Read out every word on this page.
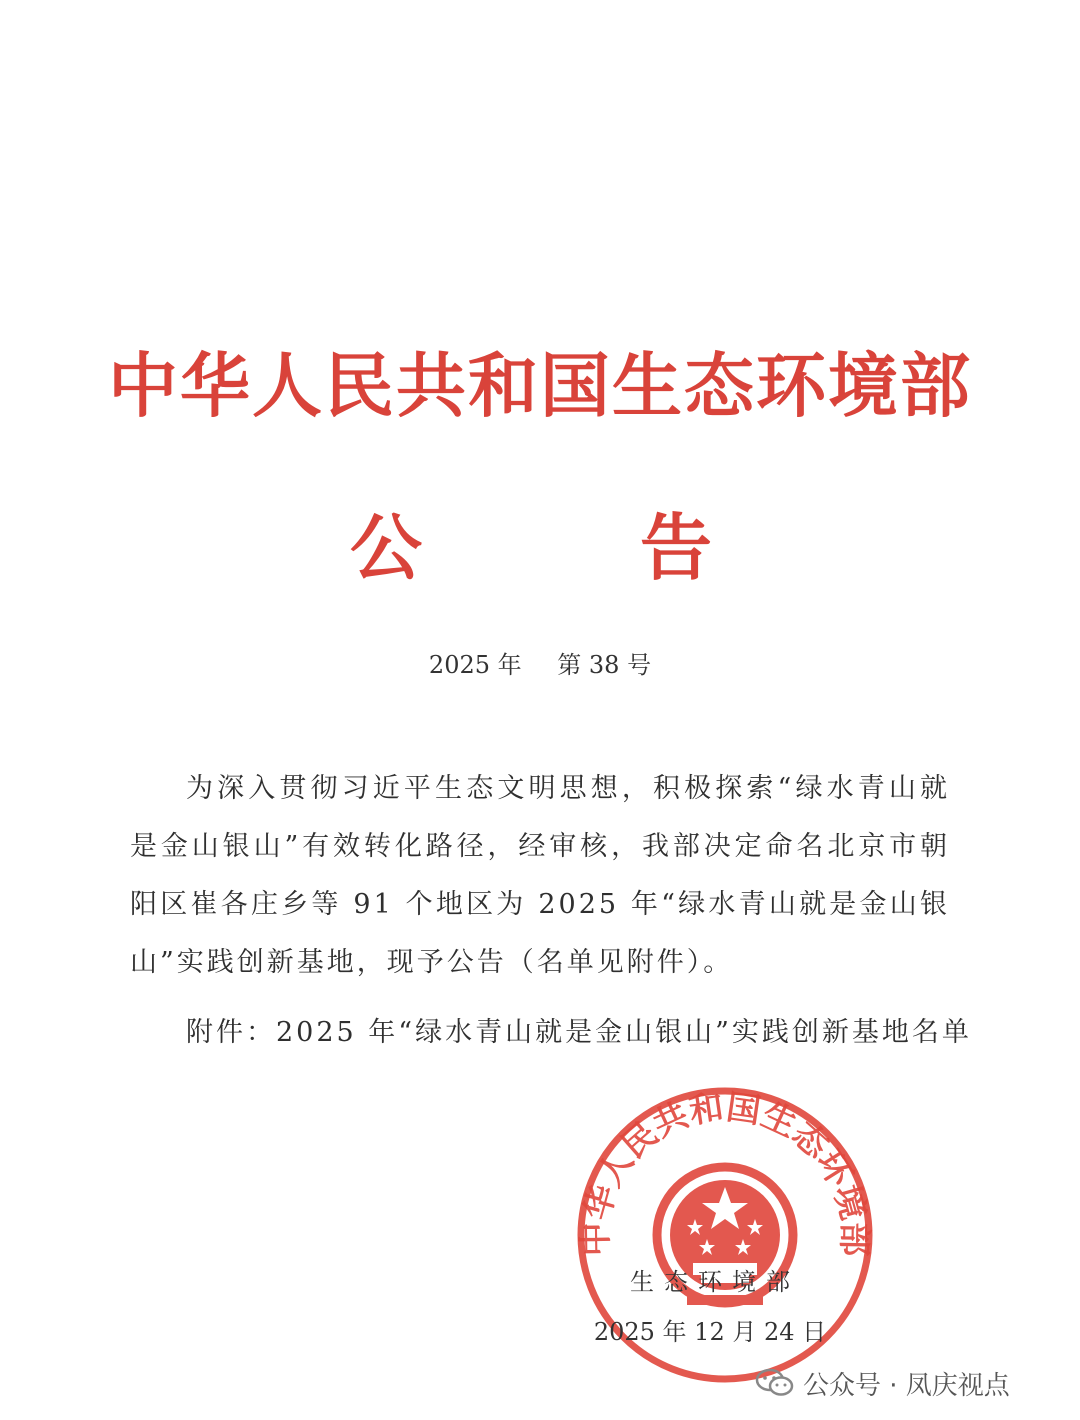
中华人民共和国生态环境部
公	告
2025 年 第 38 号

为深入贯彻习近平生态文明思想，积极探索“绿水青山就是金山银山”有效转化路径，经审核，我部决定命名北京市朝阳区崔各庄乡等 91 个地区为 2025 年“绿水青山就是金山银山”实践创新基地，现予公告（名单见附件）。

附件：2025 年“绿水青山就是金山银山”实践创新基地名单

中华人民共和国生态环境部
生态环境部
2025 年 12 月 24 日
公众号 · 凤庆视点
